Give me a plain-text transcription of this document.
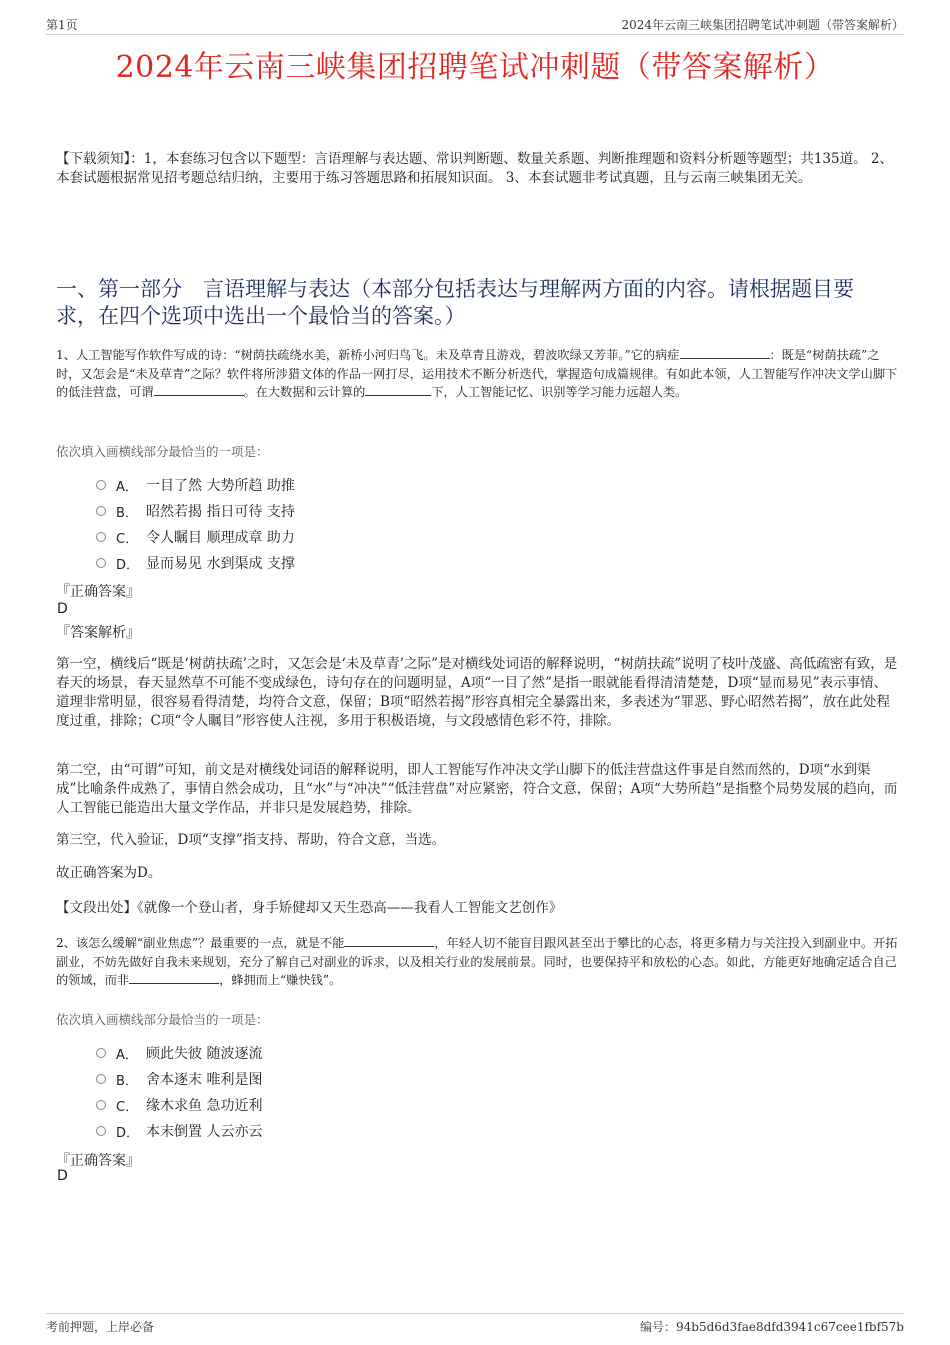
第1页	2024年云南三峡集团招聘笔试冲刺题（带答案解析）
2024年云南三峡集团招聘笔试冲刺题（带答案解析）
【下载须知】：1，本套练习包含以下题型：言语理解与表达题、常识判断题、数量关系题、判断推理题和资料分析题等题型；共135道。 2、本套试题根据常见招考题总结归纳，主要用于练习答题思路和拓展知识面。 3、本套试题非考试真题，且与云南三峡集团无关。
一、第一部分　言语理解与表达（本部分包括表达与理解两方面的内容。请根据题目要求，在四个选项中选出一个最恰当的答案。）
1、人工智能写作软件写成的诗：“树荫扶疏绕水美，新桥小河归鸟飞。未及草青且游戏，碧波吹绿又芳菲。”它的病症	：既是“树荫扶疏”之时，又怎会是“未及草青”之际？软件将所涉猎文体的作品一网打尽，运用技术不断分析迭代，掌握造句成篇规律。有如此本领，人工智能写作冲决文学山脚下的低洼营盘，可谓	。在大数据和云计算的	下，人工智能记忆、识别等学习能力远超人类。
依次填入画横线部分最恰当的一项是：
A． 一目了然 大势所趋 助推
B． 昭然若揭 指日可待 支持
C． 令人瞩目 顺理成章 助力
D． 显而易见 水到渠成 支撑
『正确答案』
D
『答案解析』
第一空，横线后“既是‘树荫扶疏’之时，又怎会是‘未及草青’之际”是对横线处词语的解释说明，“树荫扶疏”说明了枝叶茂盛、高低疏密有致，是春天的场景，春天显然草不可能不变成绿色，诗句存在的问题明显，A项“一目了然”是指一眼就能看得清清楚楚，D项“显而易见”表示事情、道理非常明显，很容易看得清楚，均符合文意，保留；B项“昭然若揭”形容真相完全暴露出来，多表述为“罪恶、野心昭然若揭”，放在此处程度过重，排除；C项“令人瞩目”形容使人注视，多用于积极语境，与文段感情色彩不符，排除。
第二空，由“可谓”可知，前文是对横线处词语的解释说明，即人工智能写作冲决文学山脚下的低洼营盘这件事是自然而然的，D项“水到渠成”比喻条件成熟了，事情自然会成功，且“水”与“冲决”“低洼营盘”对应紧密，符合文意，保留；A项“大势所趋”是指整个局势发展的趋向，而人工智能已能造出大量文学作品，并非只是发展趋势，排除。
第三空，代入验证，D项“支撑”指支持、帮助，符合文意，当选。
故正确答案为D。
【文段出处】《就像一个登山者，身手矫健却又天生恐高——我看人工智能文艺创作》
2、该怎么缓解“副业焦虑”？最重要的一点，就是不能	，年轻人切不能盲目跟风甚至出于攀比的心态，将更多精力与关注投入到副业中。开拓副业，不妨先做好自我未来规划，充分了解自己对副业的诉求，以及相关行业的发展前景。同时，也要保持平和放松的心态。如此，方能更好地确定适合自己的领域，而非	，蜂拥而上“赚快钱”。
依次填入画横线部分最恰当的一项是：
A． 顾此失彼 随波逐流
B． 舍本逐末 唯利是图
C． 缘木求鱼 急功近利
D． 本末倒置 人云亦云
『正确答案』
D
考前押题，上岸必备	编号：94b5d6d3fae8dfd3941c67cee1fbf57b
